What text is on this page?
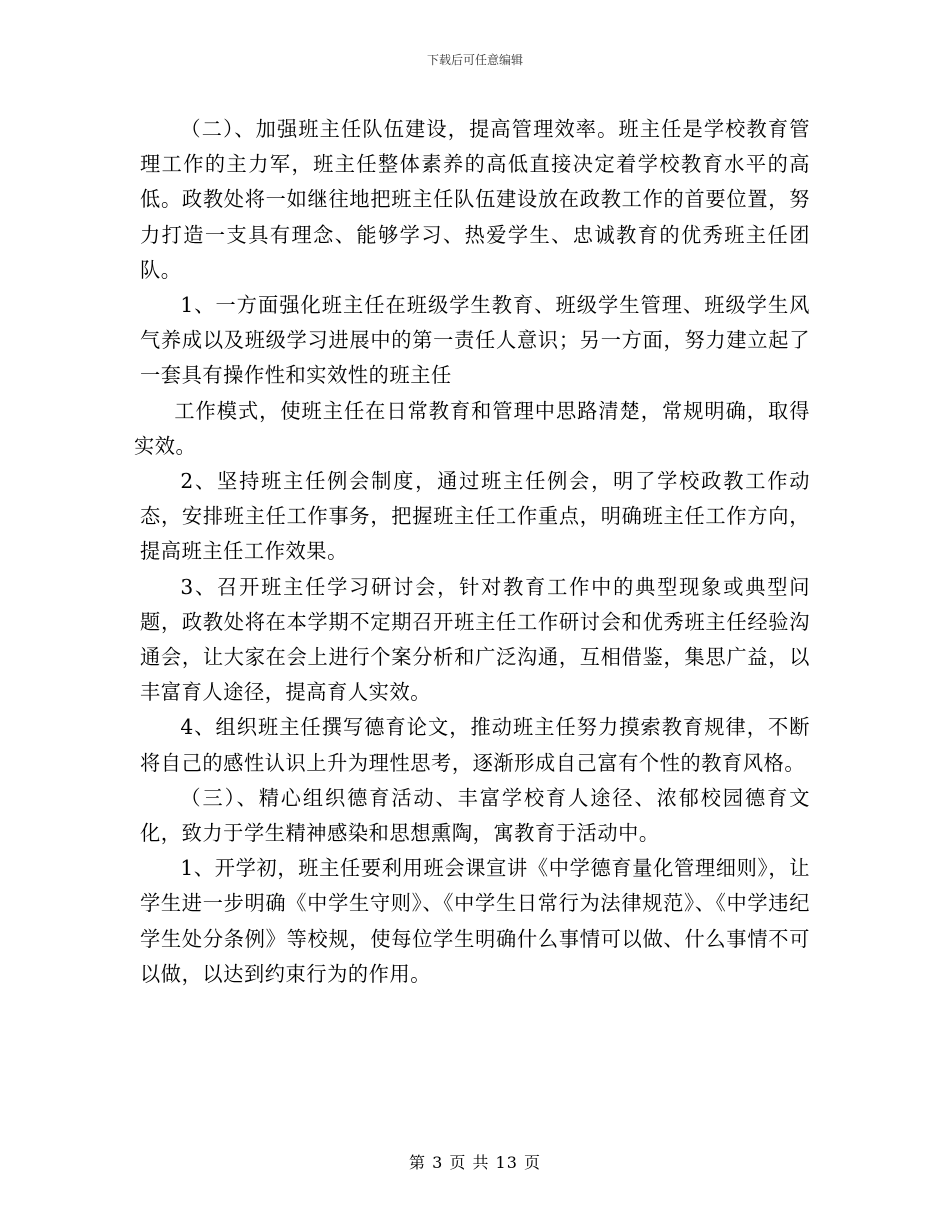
下载后可任意编辑

（二）、加强班主任队伍建设，提高管理效率。班主任是学校教育管理工作的主力军，班主任整体素养的高低直接决定着学校教育水平的高低。政教处将一如继往地把班主任队伍建设放在政教工作的首要位置，努力打造一支具有理念、能够学习、热爱学生、忠诚教育的优秀班主任团队。

1、一方面强化班主任在班级学生教育、班级学生管理、班级学生风气养成以及班级学习进展中的第一责任人意识；另一方面，努力建立起了一套具有操作性和实效性的班主任

工作模式，使班主任在日常教育和管理中思路清楚，常规明确，取得实效。

2、坚持班主任例会制度，通过班主任例会，明了学校政教工作动态，安排班主任工作事务，把握班主任工作重点，明确班主任工作方向，提高班主任工作效果。

3、召开班主任学习研讨会，针对教育工作中的典型现象或典型问题，政教处将在本学期不定期召开班主任工作研讨会和优秀班主任经验沟通会，让大家在会上进行个案分析和广泛沟通，互相借鉴，集思广益，以丰富育人途径，提高育人实效。

4、组织班主任撰写德育论文，推动班主任努力摸索教育规律，不断将自己的感性认识上升为理性思考，逐渐形成自己富有个性的教育风格。

（三）、精心组织德育活动、丰富学校育人途径、浓郁校园德育文化，致力于学生精神感染和思想熏陶，寓教育于活动中。

1、开学初，班主任要利用班会课宣讲《中学德育量化管理细则》，让学生进一步明确《中学生守则》、《中学生日常行为法律规范》、《中学违纪学生处分条例》等校规，使每位学生明确什么事情可以做、什么事情不可以做，以达到约束行为的作用。

第 3 页 共 13 页
